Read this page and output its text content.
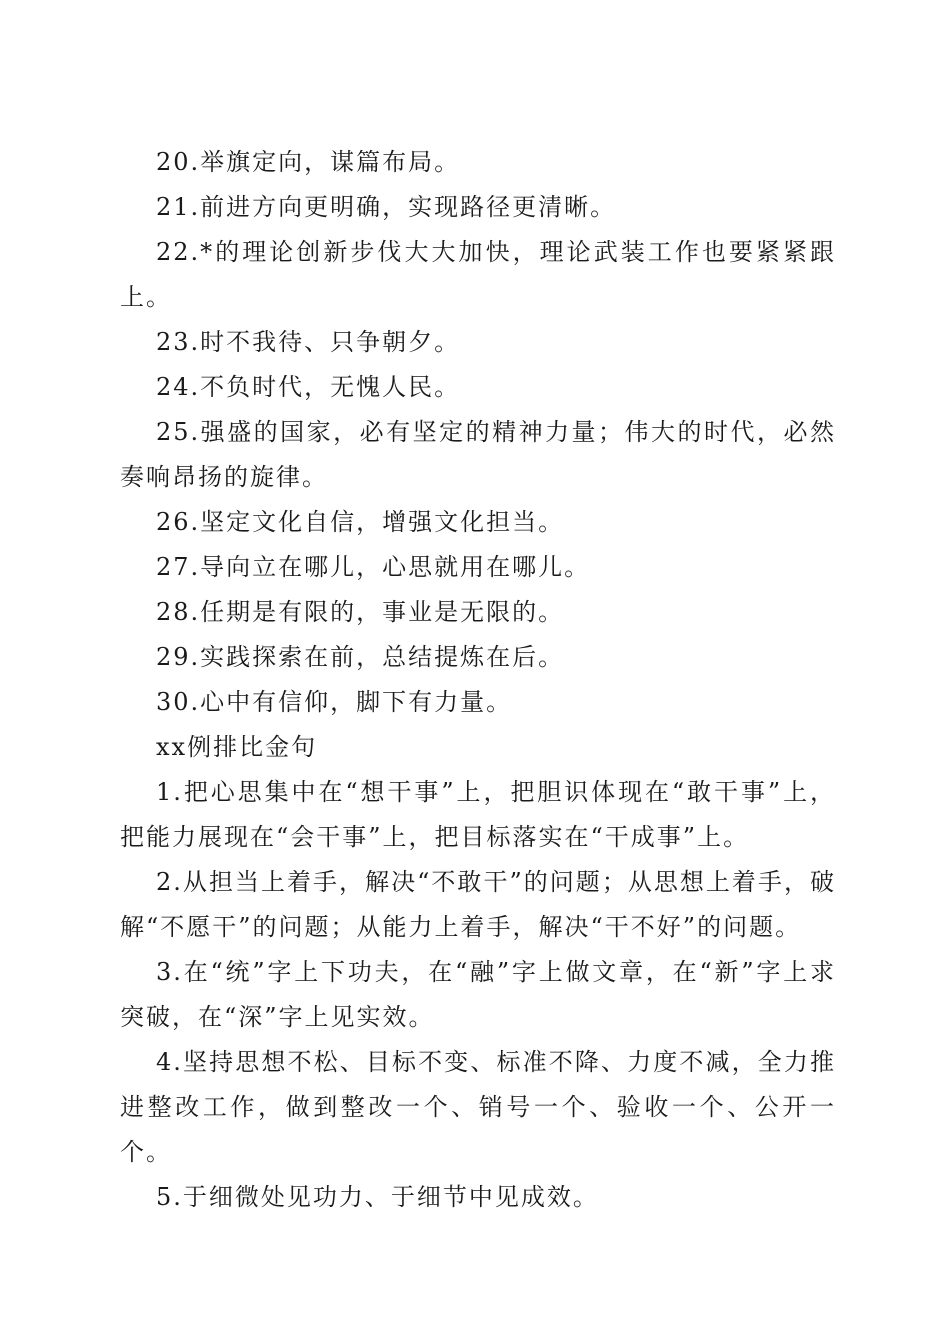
20.举旗定向，谋篇布局。

21.前进方向更明确，实现路径更清晰。

22.*的理论创新步伐大大加快，理论武装工作也要紧紧跟上。

23.时不我待、只争朝夕。

24.不负时代，无愧人民。

25.强盛的国家，必有坚定的精神力量；伟大的时代，必然奏响昂扬的旋律。

26.坚定文化自信，增强文化担当。

27.导向立在哪儿，心思就用在哪儿。

28.任期是有限的，事业是无限的。

29.实践探索在前，总结提炼在后。

30.心中有信仰，脚下有力量。

xx例排比金句

1.把心思集中在“想干事”上，把胆识体现在“敢干事”上，把能力展现在“会干事”上，把目标落实在“干成事”上。

2.从担当上着手，解决“不敢干”的问题；从思想上着手，破解“不愿干”的问题；从能力上着手，解决“干不好”的问题。

3.在“统”字上下功夫，在“融”字上做文章，在“新”字上求突破，在“深”字上见实效。

4.坚持思想不松、目标不变、标准不降、力度不减，全力推进整改工作，做到整改一个、销号一个、验收一个、公开一个。

5.于细微处见功力、于细节中见成效。
